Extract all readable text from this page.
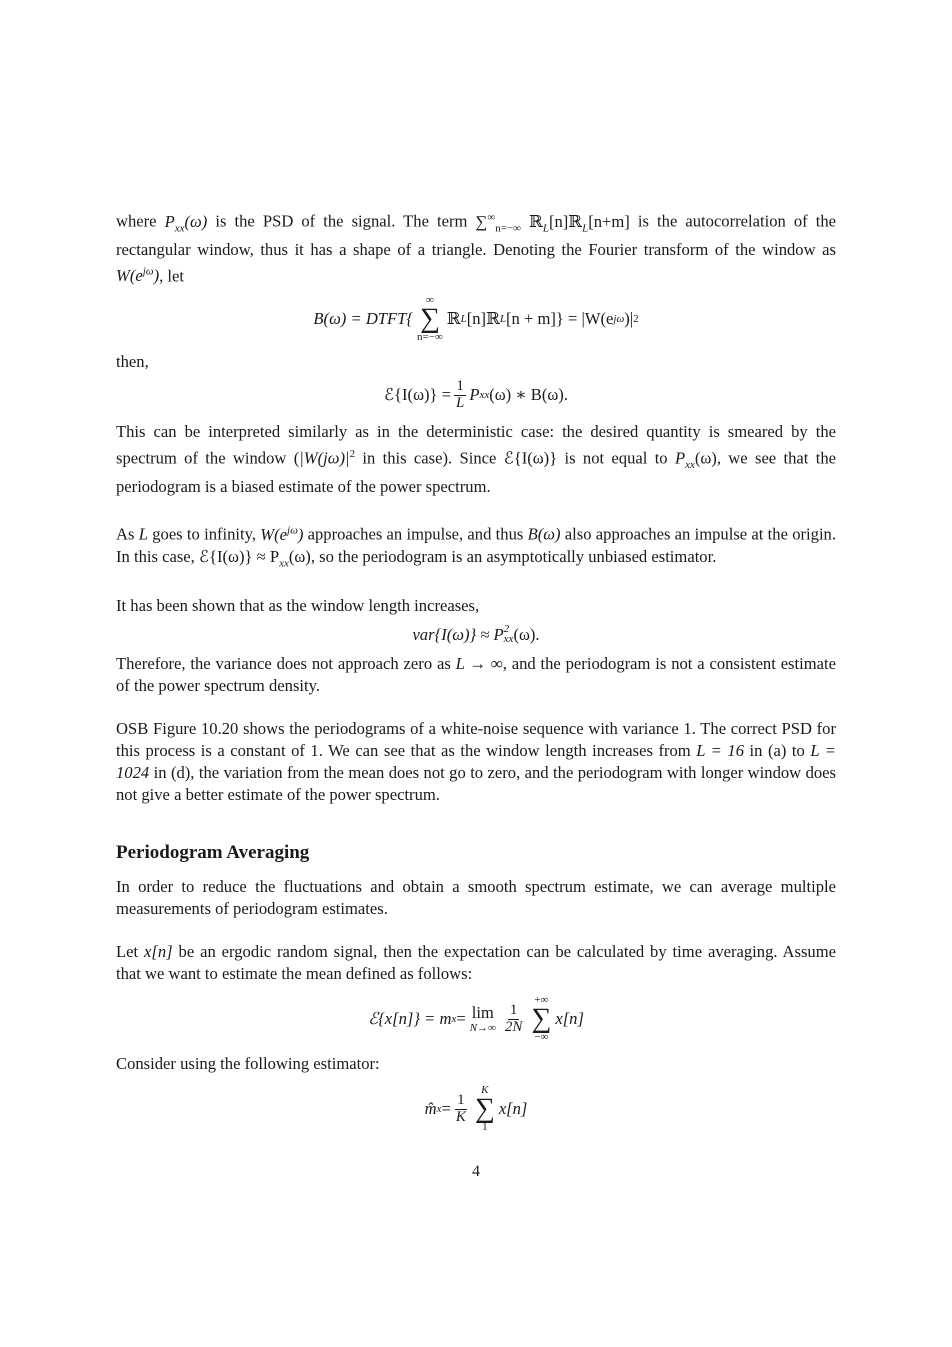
where $P_{xx}(\omega)$ is the PSD of the signal. The term $\sum^\infty_{n=-\infty}$ ℝ$_L$[n]ℝ$_L$[n+m] is the autocorrelation of the rectangular window, thus it has a shape of a triangle. Denoting the Fourier transform of the window as $W(e^{j\omega})$, let

B(ω) = DTFT{
∞
∑
n=−∞
ℝ L [n]ℝ L [n + m]} = |W(e jω )| 2

then,

ℰ{I(ω)} = $\frac{1}{L}$ P xx (ω) ∗ B(ω).

This can be interpreted similarly as in the deterministic case: the desired quantity is smeared by the spectrum of the window ($|W(j\omega)|^2$ in this case). Since ℰ{I(ω)} is not equal to $P_{xx}(\omega)$, we see that the periodogram is a biased estimate of the power spectrum.

As L goes to infinity, $W(e^{j\omega})$ approaches an impulse, and thus B(ω) also approaches an impulse at the origin. In this case, ℰ{I(ω)} ≈ $P_{xx}(\omega)$, so the periodogram is an asymptotically unbiased estimator.

It has been shown that as the window length increases,

var{I(ω)} ≈ P 2
xx (ω).

Therefore, the variance does not approach zero as L → ∞, and the periodogram is not a consistent estimate of the power spectrum density.

OSB Figure 10.20 shows the periodograms of a white-noise sequence with variance 1. The correct PSD for this process is a constant of 1. We can see that as the window length increases from L = 16 in (a) to L = 1024 in (d), the variation from the mean does not go to zero, and the periodogram with longer window does not give a better estimate of the power spectrum.

Periodogram Averaging

In order to reduce the fluctuations and obtain a smooth spectrum estimate, we can average multiple measurements of periodogram estimates.

Let x[n] be an ergodic random signal, then the expectation can be calculated by time averaging. Assume that we want to estimate the mean defined as follows:

ℰ{x[n]} = m x = lim
$N\to\infty \frac{1}{2N}$
+∞
∑
−∞
x[n]

Consider using the following estimator:

m̂ $x = \frac{1}{K}$
K
∑
1
x[n]
4
